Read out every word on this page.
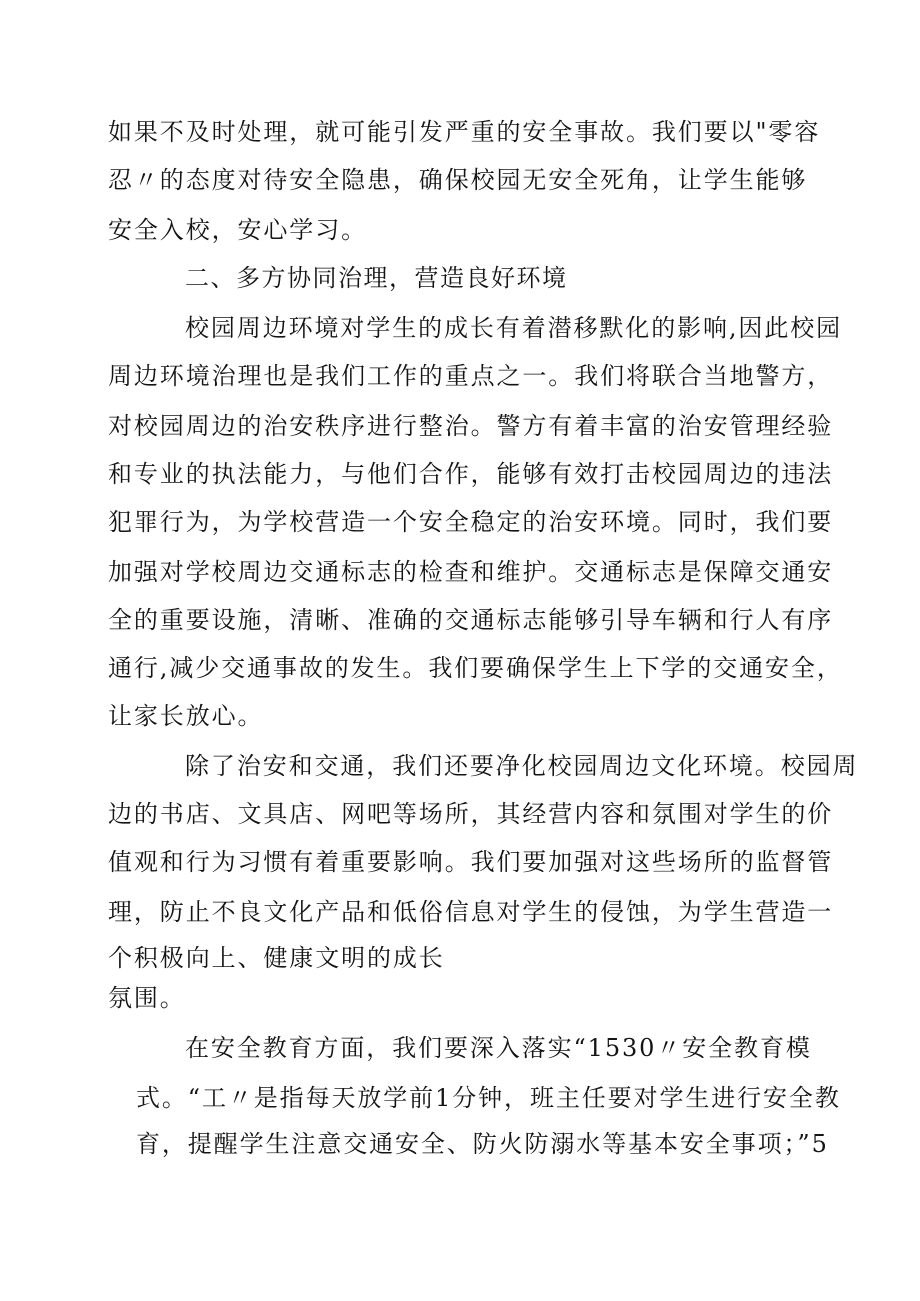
如果不及时处理，就可能引发严重的安全事故。我们要以"零容

忍〃的态度对待安全隐患，确保校园无安全死角，让学生能够

安全入校，安心学习。

二、多方协同治理，营造良好环境

校园周边环境对学生的成长有着潜移默化的影响,因此校园

周边环境治理也是我们工作的重点之一。我们将联合当地警方，

对校园周边的治安秩序进行整治。警方有着丰富的治安管理经验

和专业的执法能力，与他们合作，能够有效打击校园周边的违法

犯罪行为，为学校营造一个安全稳定的治安环境。同时，我们要

加强对学校周边交通标志的检查和维护。交通标志是保障交通安

全的重要设施，清晰、准确的交通标志能够引导车辆和行人有序

通行,减少交通事故的发生。我们要确保学生上下学的交通安全，

让家长放心。

除了治安和交通，我们还要净化校园周边文化环境。校园周

边的书店、文具店、网吧等场所，其经营内容和氛围对学生的价

值观和行为习惯有着重要影响。我们要加强对这些场所的监督管

理，防止不良文化产品和低俗信息对学生的侵蚀，为学生营造一

个积极向上、健康文明的成长

氛围。

在安全教育方面，我们要深入落实“1530〃安全教育模

式。“工〃是指每天放学前1分钟，班主任要对学生进行安全教

育，提醒学生注意交通安全、防火防溺水等基本安全事项；”5
